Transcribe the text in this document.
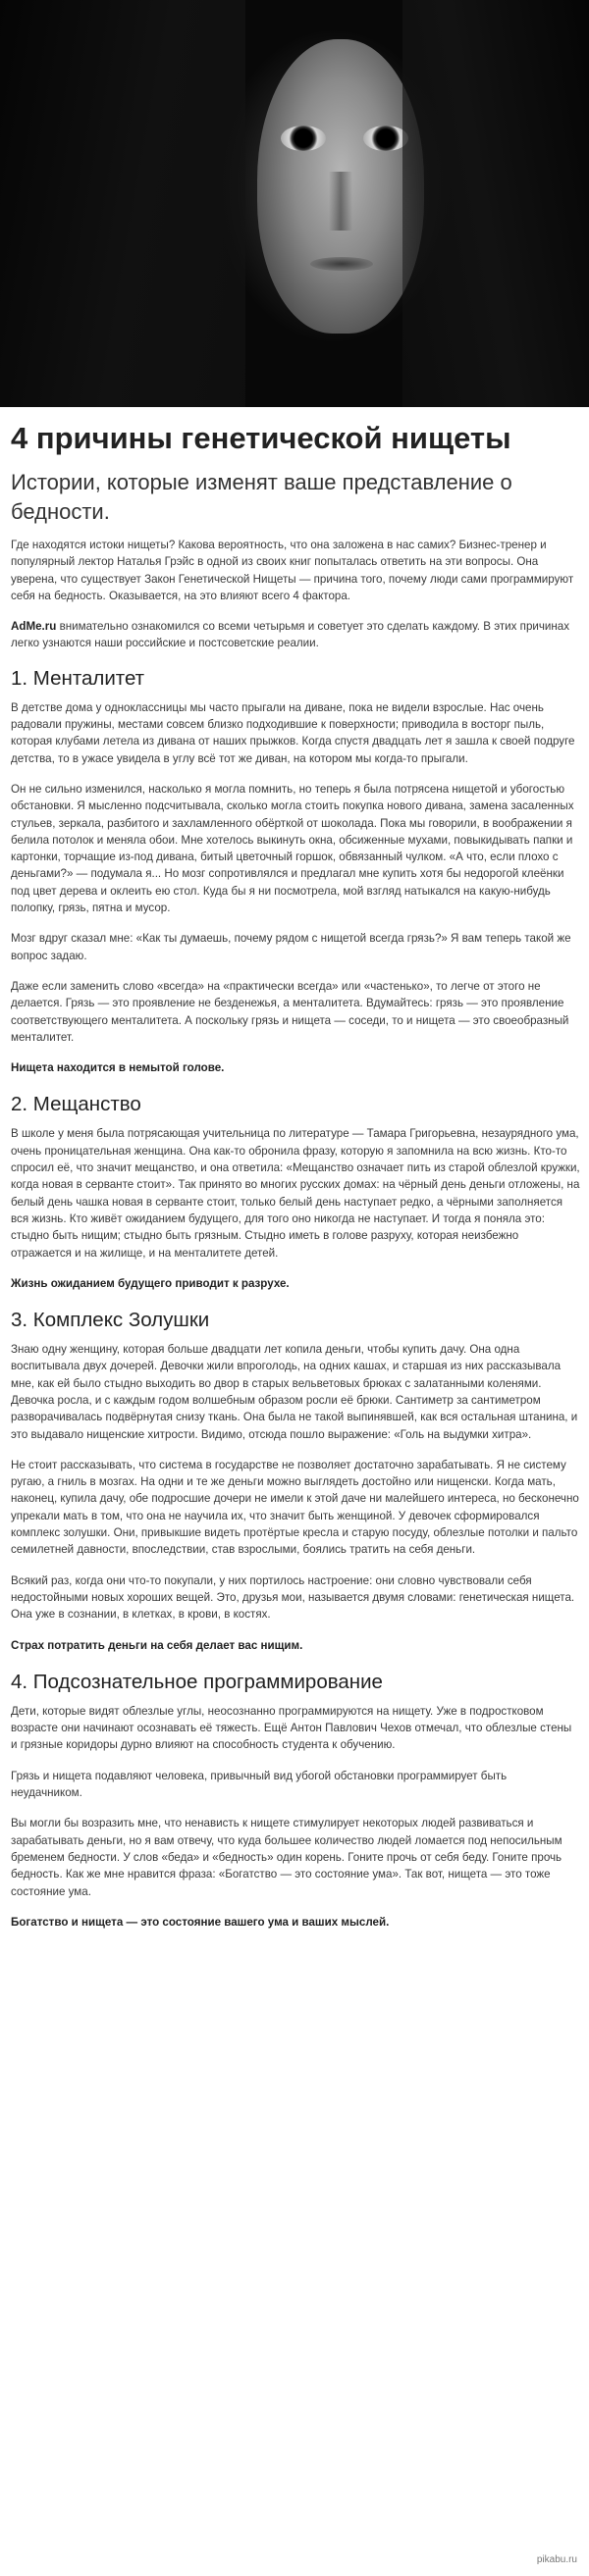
4 причины генетической нищеты
Истории, которые изменят ваше представление о бедности.

Где находятся истоки нищеты? Какова вероятность, что она заложена в нас самих? Бизнес-тренер и популярный лектор Наталья Грэйс в одной из своих книг попыталась ответить на эти вопросы. Она уверена, что существует Закон Генетической Нищеты — причина того, почему люди сами программируют себя на бедность. Оказывается, на это влияют всего 4 фактора.

AdMe.ru внимательно ознакомился со всеми четырьмя и советует это сделать каждому. В этих причинах легко узнаются наши российские и постсоветские реалии.

1. Менталитет

В детстве дома у одноклассницы мы часто прыгали на диване, пока не видели взрослые. Нас очень радовали пружины, местами совсем близко подходившие к поверхности; приводила в восторг пыль, которая клубами летела из дивана от наших прыжков. Когда спустя двадцать лет я зашла к своей подруге детства, то в ужасе увидела в углу всё тот же диван, на котором мы когда-то прыгали.

Он не сильно изменился, насколько я могла помнить, но теперь я была потрясена нищетой и убогостью обстановки. Я мысленно подсчитывала, сколько могла стоить покупка нового дивана, замена засаленных стульев, зеркала, разбитого и захламленного обёрткой от шоколада. Пока мы говорили, в воображении я белила потолок и меняла обои. Мне хотелось выкинуть окна, обсиженные мухами, повыкидывать папки и картонки, торчащие из-под дивана, битый цветочный горшок, обвязанный чулком. «А что, если плохо с деньгами?» — подумала я... Но мозг сопротивлялся и предлагал мне купить хотя бы недорогой клеёнки под цвет дерева и оклеить ею стол. Куда бы я ни посмотрела, мой взгляд натыкался на какую-нибудь полопку, грязь, пятна и мусор.

Мозг вдруг сказал мне: «Как ты думаешь, почему рядом с нищетой всегда грязь?» Я вам теперь такой же вопрос задаю.

Даже если заменить слово «всегда» на «практически всегда» или «частенько», то легче от этого не делается. Грязь — это проявление не безденежья, а менталитета. Вдумайтесь: грязь — это проявление соответствующего менталитета. А поскольку грязь и нищета — соседи, то и нищета — это своеобразный менталитет.

Нищета находится в немытой голове.

2. Мещанство

В школе у меня была потрясающая учительница по литературе — Тамара Григорьевна, незаурядного ума, очень проницательная женщина. Она как-то обронила фразу, которую я запомнила на всю жизнь. Кто-то спросил её, что значит мещанство, и она ответила: «Мещанство означает пить из старой облезлой кружки, когда новая в серванте стоит». Так принято во многих русских домах: на чёрный день деньги отложены, на белый день чашка новая в серванте стоит, только белый день наступает редко, а чёрными заполняется вся жизнь. Кто живёт ожиданием будущего, для того оно никогда не наступает. И тогда я поняла это: стыдно быть нищим; стыдно быть грязным. Стыдно иметь в голове разруху, которая неизбежно отражается и на жилище, и на менталитете детей.

Жизнь ожиданием будущего приводит к разрухе.

3. Комплекс Золушки

Знаю одну женщину, которая больше двадцати лет копила деньги, чтобы купить дачу. Она одна воспитывала двух дочерей. Девочки жили впроголодь, на одних кашах, и старшая из них рассказывала мне, как ей было стыдно выходить во двор в старых вельветовых брюках с залатанными коленями. Девочка росла, и с каждым годом волшебным образом росли её брюки. Сантиметр за сантиметром разворачивалась подвёрнутая снизу ткань. Она была не такой выпинявшей, как вся остальная штанина, и это выдавало нищенские хитрости. Видимо, отсюда пошло выражение: «Голь на выдумки хитра».

Не стоит рассказывать, что система в государстве не позволяет достаточно зарабатывать. Я не систему ругаю, а гниль в мозгах. На одни и те же деньги можно выглядеть достойно или нищенски. Когда мать, наконец, купила дачу, обе подросшие дочери не имели к этой даче ни малейшего интереса, но бесконечно упрекали мать в том, что она не научила их, что значит быть женщиной. У девочек сформировался комплекс золушки. Они, привыкшие видеть протёртые кресла и старую посуду, облезлые потолки и пальто семилетней давности, впоследствии, став взрослыми, боялись тратить на себя деньги.

Всякий раз, когда они что-то покупали, у них портилось настроение: они словно чувствовали себя недостойными новых хороших вещей. Это, друзья мои, называется двумя словами: генетическая нищета. Она уже в сознании, в клетках, в крови, в костях.

Страх потратить деньги на себя делает вас нищим.

4. Подсознательное программирование

Дети, которые видят облезлые углы, неосознанно программируются на нищету. Уже в подростковом возрасте они начинают осознавать её тяжесть. Ещё Антон Павлович Чехов отмечал, что облезлые стены и грязные коридоры дурно влияют на способность студента к обучению.

Грязь и нищета подавляют человека, привычный вид убогой обстановки программирует быть неудачником.

Вы могли бы возразить мне, что ненависть к нищете стимулирует некоторых людей развиваться и зарабатывать деньги, но я вам отвечу, что куда большее количество людей ломается под непосильным бременем бедности. У слов «беда» и «бедность» один корень. Гоните прочь от себя беду. Гоните прочь бедность. Как же мне нравится фраза: «Богатство — это состояние ума». Так вот, нищета — это тоже состояние ума.

Богатство и нищета — это состояние вашего ума и ваших мыслей.

pikabu.ru
